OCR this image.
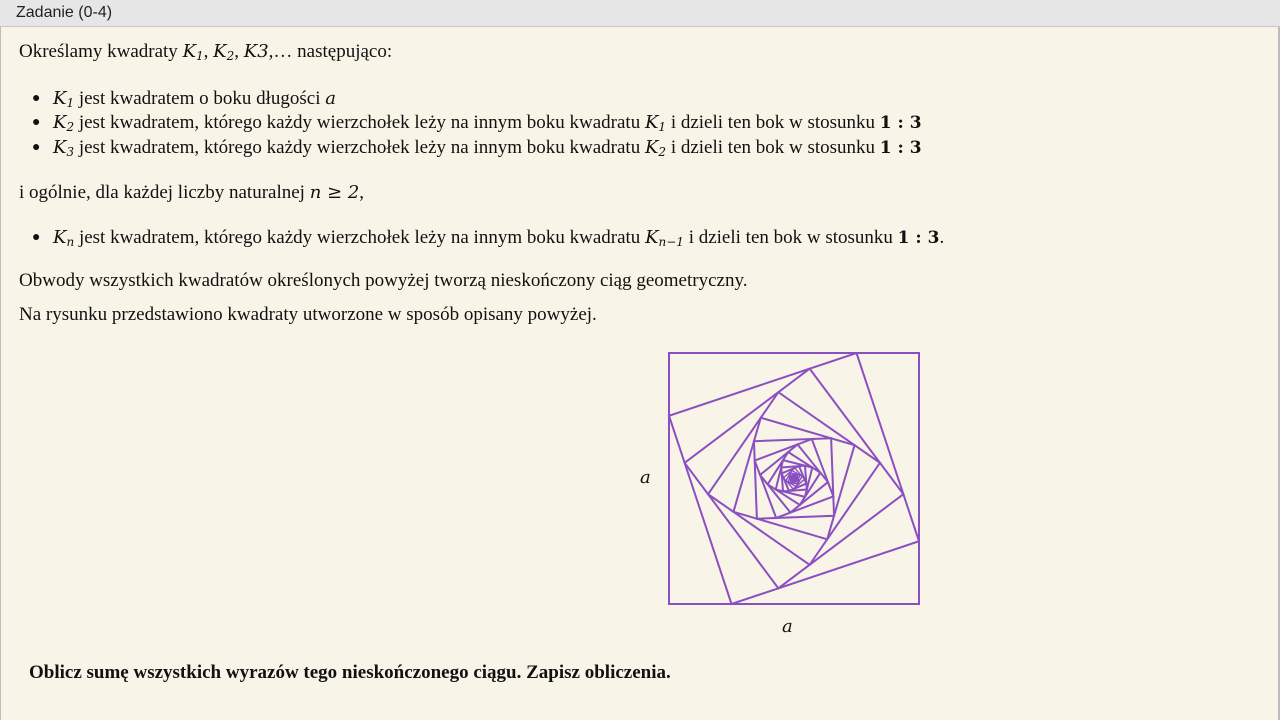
Zadanie (0-4)
Określamy kwadraty $K_1$, $K_2$, K3,… następująco:
● $K_1$ jest kwadratem o boku długości a
● $K_2$ jest kwadratem, którego każdy wierzchołek leży na innym boku kwadratu $K_1$ i dzieli ten bok w stosunku 1 : 3
● $K_3$ jest kwadratem, którego każdy wierzchołek leży na innym boku kwadratu $K_2$ i dzieli ten bok w stosunku 1 : 3
i ogólnie, dla każdej liczby naturalnej n ≥ 2,
● $K_n$ jest kwadratem, którego każdy wierzchołek leży na innym boku kwadratu $K_{n-1}$ i dzieli ten bok w stosunku 1 : 3.
Obwody wszystkich kwadratów określonych powyżej tworzą nieskończony ciąg geometryczny.
Na rysunku przedstawiono kwadraty utworzone w sposób opisany powyżej.
a
a
Oblicz sumę wszystkich wyrazów tego nieskończonego ciągu. Zapisz obliczenia.
